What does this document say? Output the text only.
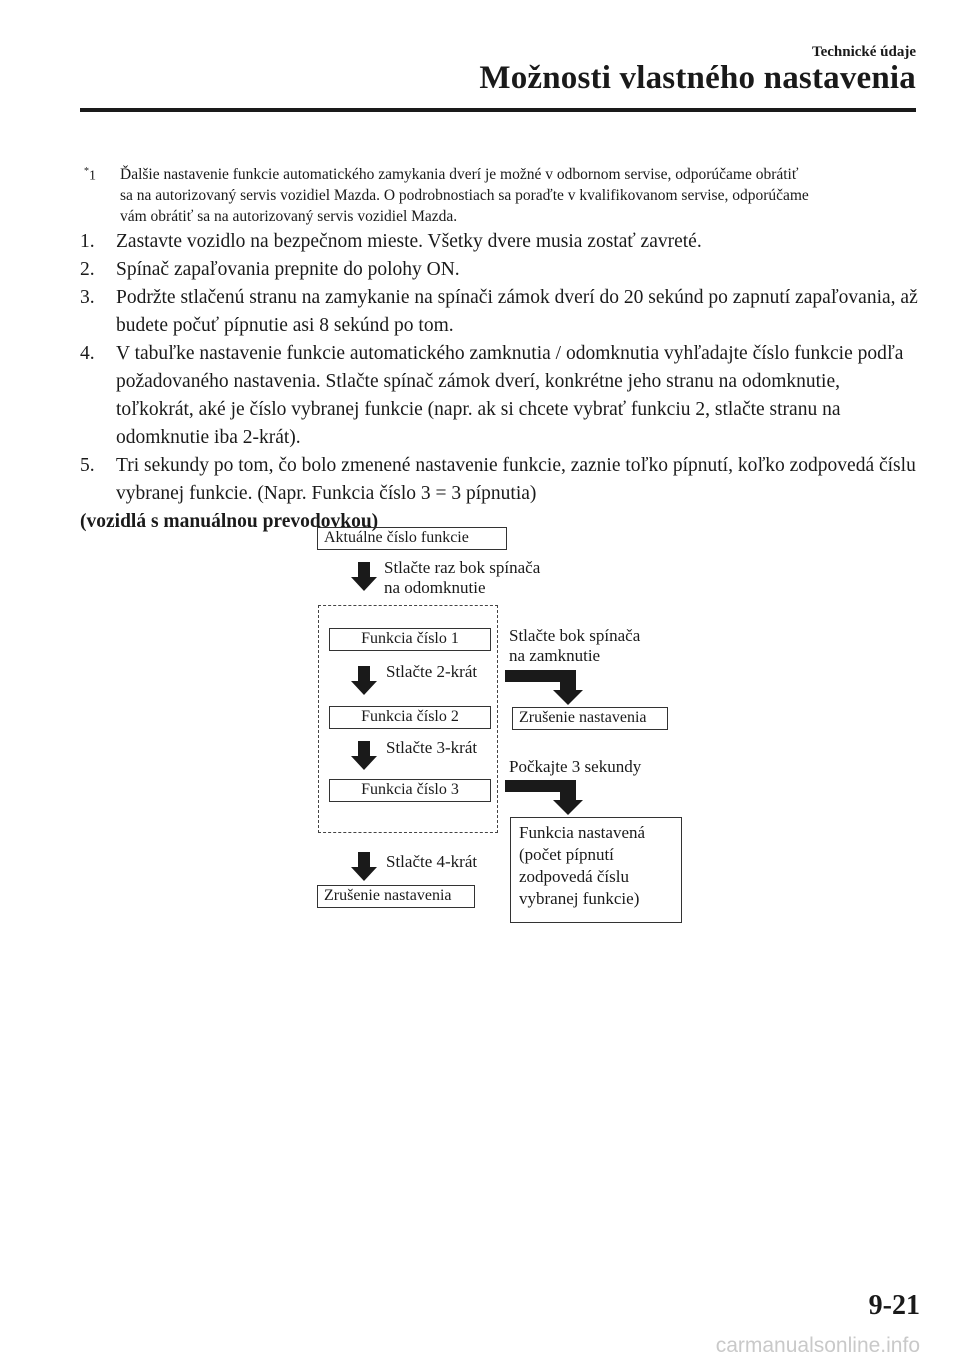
Technické údaje
Možnosti vlastného nastavenia
*1 Ďalšie nastavenie funkcie automatického zamykania dverí je možné v odbornom servise, odporúčame obrátiť
sa na autorizovaný servis vozidiel Mazda. O podrobnostiach sa poraďte v kvalifikovanom servise, odporúčame
vám obrátiť sa na autorizovaný servis vozidiel Mazda.
1.	Zastavte vozidlo na bezpečnom mieste. Všetky dvere musia zostať zavreté.
2.	Spínač zapaľovania prepnite do polohy ON.
3.	Podržte stlačenú stranu na zamykanie na spínači zámok dverí do 20 sekúnd po zapnutí zapaľovania, až budete počuť pípnutie asi 8 sekúnd po tom.
4.	V tabuľke nastavenie funkcie automatického zamknutia / odomknutia vyhľadajte číslo funkcie podľa požadovaného nastavenia. Stlačte spínač zámok dverí, konkrétne jeho stranu na odomknutie, toľkokrát, aké je číslo vybranej funkcie (napr. ak si chcete vybrať funkciu 2, stlačte stranu na odomknutie iba 2-krát).
5.	Tri sekundy po tom, čo bolo zmenené nastavenie funkcie, zaznie toľko pípnutí, koľko zodpovedá číslu vybranej funkcie. (Napr. Funkcia číslo 3 = 3 pípnutia)
(vozidlá s manuálnou prevodovkou)
Aktuálne číslo funkcie
Stlačte raz bok spínača
na odomknutie
Funkcia číslo 1
Stlačte 2-krát
Funkcia číslo 2
Stlačte 3-krát
Funkcia číslo 3
Stlačte 4-krát
Zrušenie nastavenia
Stlačte bok spínača
na zamknutie
Zrušenie nastavenia
Počkajte 3 sekundy
Funkcia nastavená
(počet pípnutí
zodpovedá číslu
vybranej funkcie)
9-21
carmanualsonline.info
